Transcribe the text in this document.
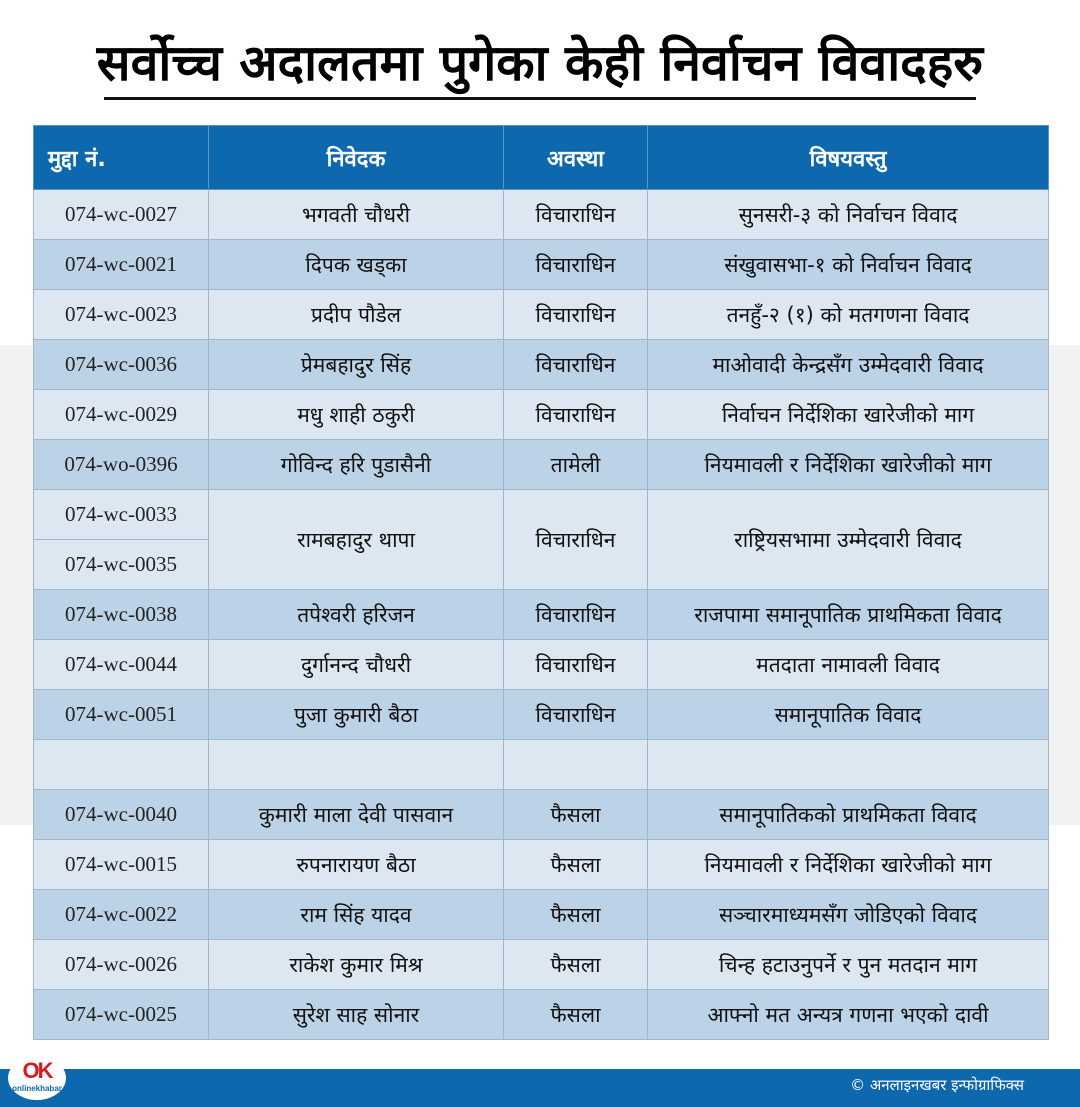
सर्वोच्च अदालतमा पुगेका केही निर्वाचन विवादहरु
मुद्दा नं.	निवेदक	अवस्था	विषयवस्तु
074-wc-0027	भगवती चौधरी	विचाराधिन	सुनसरी-३ को निर्वाचन विवाद
074-wc-0021	दिपक खड्का	विचाराधिन	संखुवासभा-१ को निर्वाचन विवाद
074-wc-0023	प्रदीप पौडेल	विचाराधिन	तनहुँ-२ (१) को मतगणना विवाद
074-wc-0036	प्रेमबहादुर सिंह	विचाराधिन	माओवादी केन्द्रसँग उम्मेदवारी विवाद
074-wc-0029	मधु शाही ठकुरी	विचाराधिन	निर्वाचन निर्देशिका खारेजीको माग
074-wo-0396	गोविन्द हरि पुडासैनी	तामेली	नियमावली र निर्देशिका खारेजीको माग
074-wc-0033	रामबहादुर थापा	विचाराधिन	राष्ट्रियसभामा उम्मेदवारी विवाद
074-wc-0035			
074-wc-0038	तपेश्वरी हरिजन	विचाराधिन	राजपामा समानूपातिक प्राथमिकता विवाद
074-wc-0044	दुर्गानन्द चौधरी	विचाराधिन	मतदाता नामावली विवाद
074-wc-0051	पुजा कुमारी बैठा	विचाराधिन	समानूपातिक विवाद

074-wc-0040	कुमारी माला देवी पासवान	फैसला	समानूपातिकको प्राथमिकता विवाद
074-wc-0015	रुपनारायण बैठा	फैसला	नियमावली र निर्देशिका खारेजीको माग
074-wc-0022	राम सिंह यादव	फैसला	सञ्चारमाध्यमसँग जोडिएको विवाद
074-wc-0026	राकेश कुमार मिश्र	फैसला	चिन्ह हटाउनुपर्ने र पुन मतदान माग
074-wc-0025	सुरेश साह सोनार	फैसला	आफ्नो मत अन्यत्र गणना भएको दावी
© अनलाइनखबर इन्फोग्राफिक्स
OK
onlinekhabar
